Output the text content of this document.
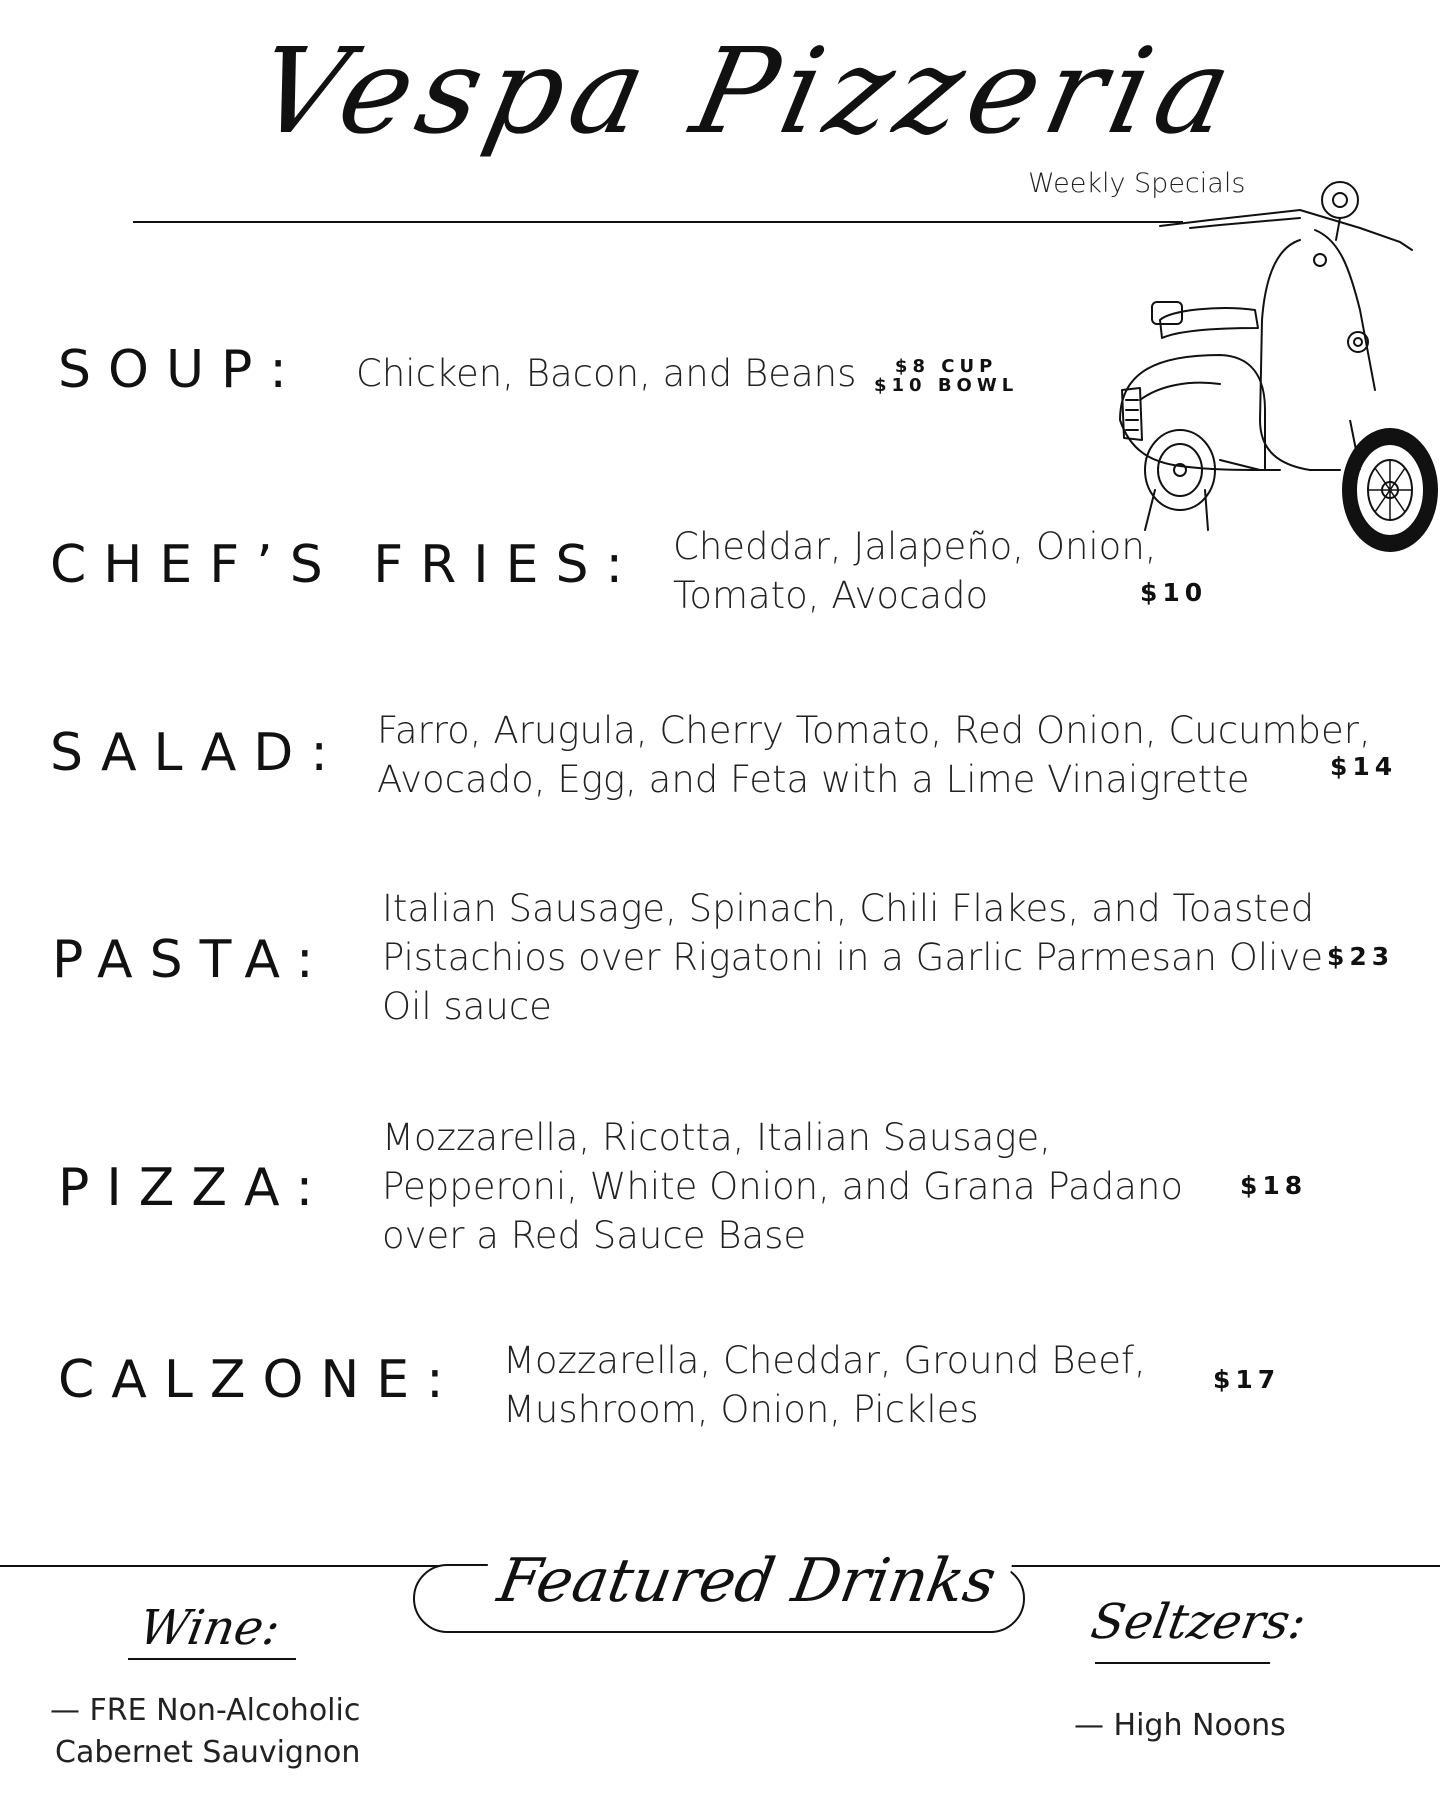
Vespa Pizzeria
Weekly Specials
SOUP: Chicken, Bacon, and Beans	$8 CUP
$10 BOWL
CHEF’S FRIES: Cheddar, Jalapeño, Onion,
Tomato, Avocado	$10
SALAD: Farro, Arugula, Cherry Tomato, Red Onion, Cucumber,
Avocado, Egg, and Feta with a Lime Vinaigrette	$14
PASTA:
Italian Sausage, Spinach, Chili Flakes, and Toasted
Pistachios over Rigatoni in a Garlic Parmesan Olive
Oil sauce
$23
PIZZA:
Mozzarella, Ricotta, Italian Sausage,
Pepperoni, White Onion, and Grana Padano
over a Red Sauce Base
$18
CALZONE: Mozzarella, Cheddar, Ground Beef,
Mushroom, Onion, Pickles
$17
Featured Drinks
Wine:
— FRE Non-Alcoholic
Cabernet Sauvignon
Seltzers:
— High Noons
